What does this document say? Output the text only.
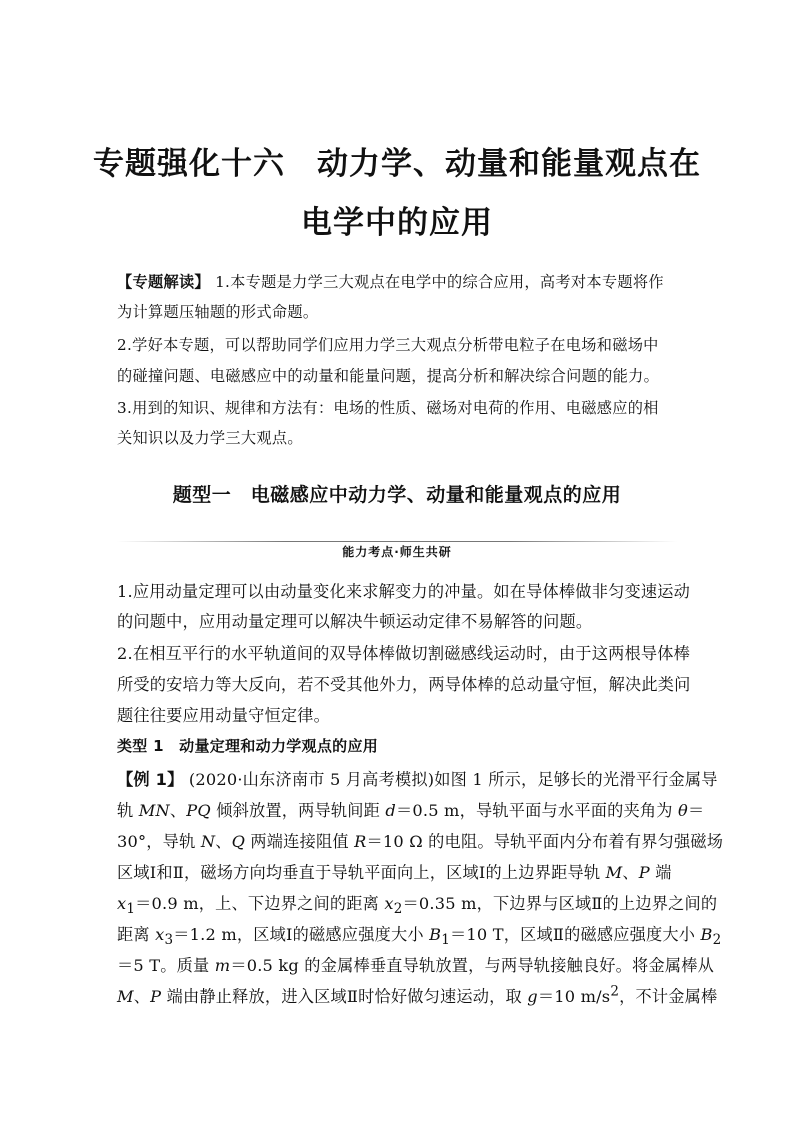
专题强化十六　动力学、动量和能量观点在
电学中的应用
【专题解读】 1.本专题是力学三大观点在电学中的综合应用，高考对本专题将作
为计算题压轴题的形式命题。
2.学好本专题，可以帮助同学们应用力学三大观点分析带电粒子在电场和磁场中
的碰撞问题、电磁感应中的动量和能量问题，提高分析和解决综合问题的能力。
3.用到的知识、规律和方法有：电场的性质、磁场对电荷的作用、电磁感应的相
关知识以及力学三大观点。
题型一　电磁感应中动力学、动量和能量观点的应用
能力考点·师生共研
1.应用动量定理可以由动量变化来求解变力的冲量。如在导体棒做非匀变速运动
的问题中，应用动量定理可以解决牛顿运动定律不易解答的问题。
2.在相互平行的水平轨道间的双导体棒做切割磁感线运动时，由于这两根导体棒
所受的安培力等大反向，若不受其他外力，两导体棒的总动量守恒，解决此类问
题往往要应用动量守恒定律。
类型 1　动量定理和动力学观点的应用
【例 1】 (2020·山东济南市 5 月高考模拟)如图 1 所示，足够长的光滑平行金属导
轨 MN、PQ 倾斜放置，两导轨间距 d＝0.5 m，导轨平面与水平面的夹角为 θ＝
30°，导轨 N、Q 两端连接阻值 R＝10 Ω 的电阻。导轨平面内分布着有界匀强磁场
区域Ⅰ和Ⅱ，磁场方向均垂直于导轨平面向上，区域Ⅰ的上边界距导轨 M、P 端
$x_1=0.9$ m，上、下边界之间的距离 $x_2=0.35$ m，下边界与区域Ⅱ的上边界之间的
距离 $x_3=1.2$ m，区域Ⅰ的磁感应强度大小 $B_1=10$ T，区域Ⅱ的磁感应强度大小 $B_2$
＝5 T。质量 m＝0.5 kg 的金属棒垂直导轨放置，与两导轨接触良好。将金属棒从
M、P 端由静止释放，进入区域Ⅱ时恰好做匀速运动，取 g＝10 $m/s^2$，不计金属棒
